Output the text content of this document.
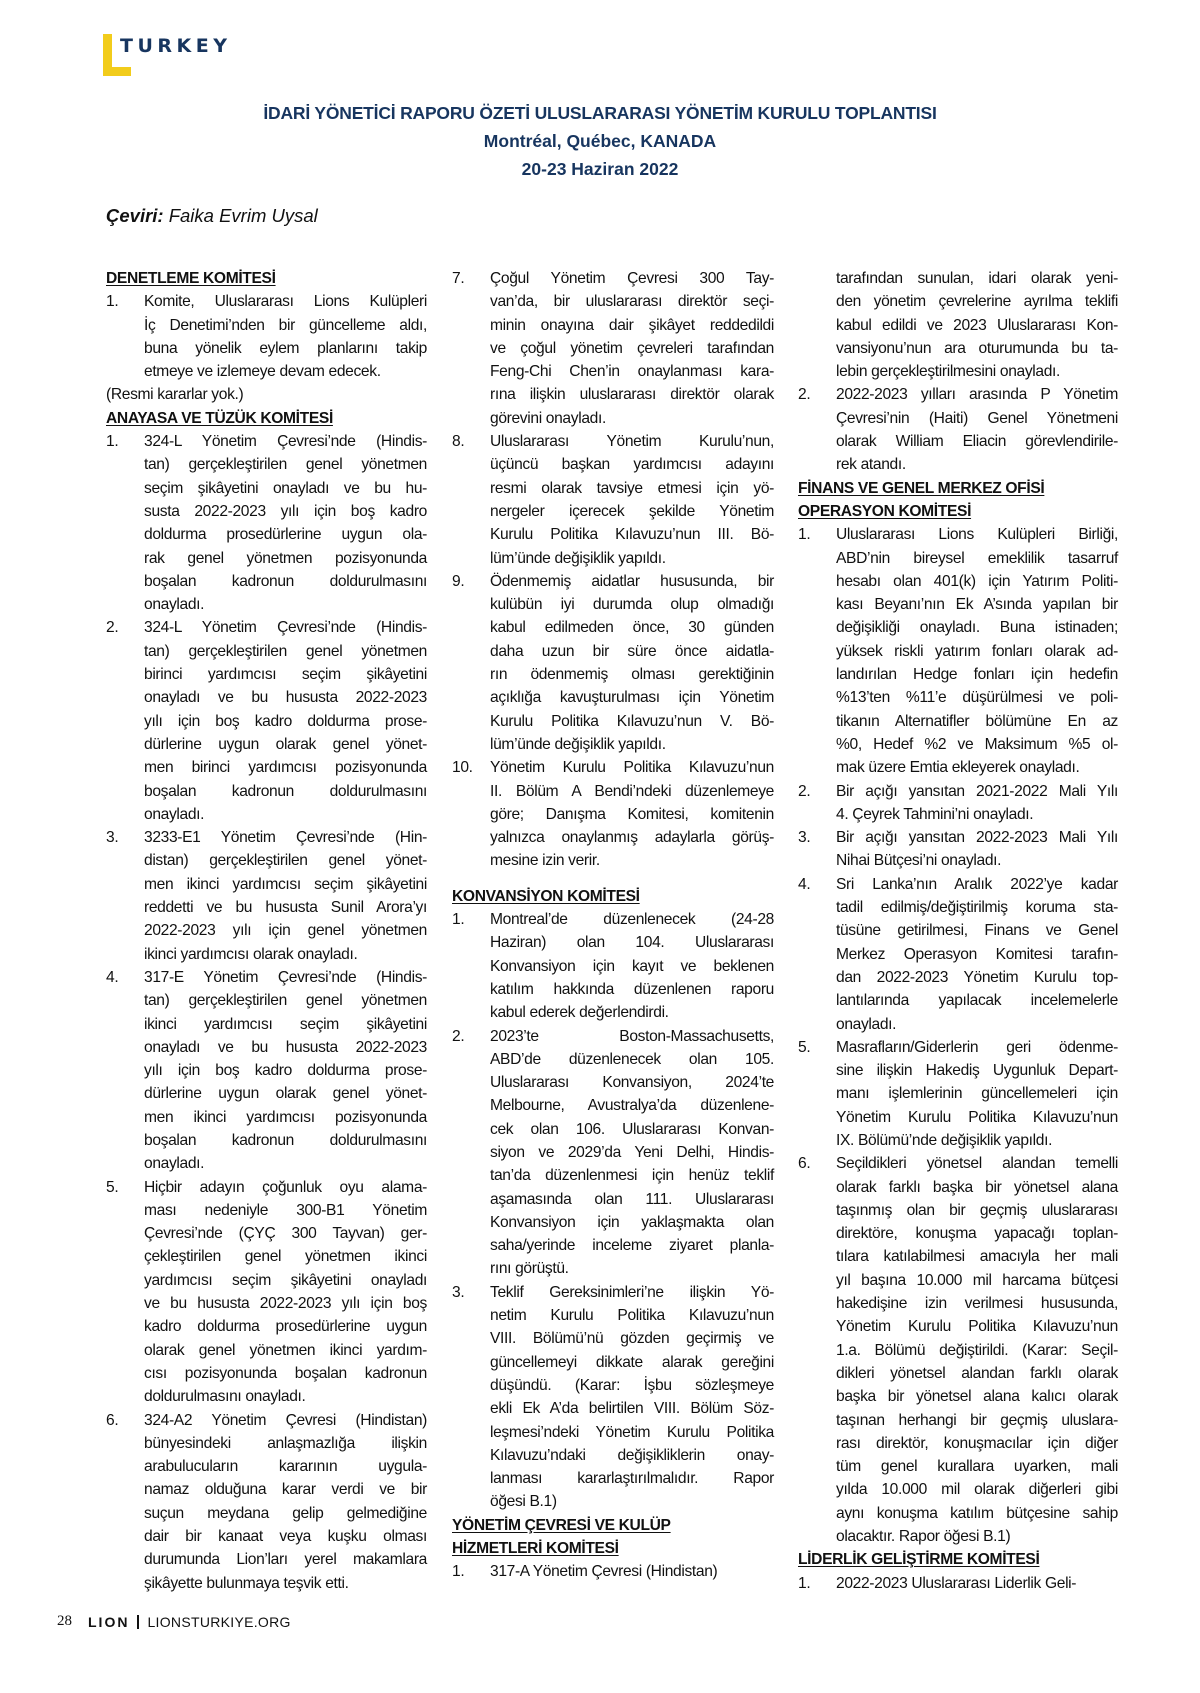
TURKEY
İDARİ YÖNETİCİ RAPORU ÖZETİ ULUSLARARASI YÖNETİM KURULU TOPLANTISI
Montréal, Québec, KANADA
20-23 Haziran 2022
Çeviri: Faika Evrim Uysal
DENETLEME KOMİTESİ
1.	Komite, Uluslararası Lions Kulüpleri
İç Denetimi’nden bir güncelleme aldı,
buna yönelik eylem planlarını takip
etmeye ve izlemeye devam edecek.
(Resmi kararlar yok.)
ANAYASA VE TÜZÜK KOMİTESİ
1.	324-L Yönetim Çevresi’nde (Hindis-
tan) gerçekleştirilen genel yönetmen
seçim şikâyetini onayladı ve bu hu-
susta 2022-2023 yılı için boş kadro
doldurma prosedürlerine uygun ola-
rak genel yönetmen pozisyonunda
boşalan kadronun doldurulmasını
onayladı.
2.	324-L Yönetim Çevresi’nde (Hindis-
tan) gerçekleştirilen genel yönetmen
birinci yardımcısı seçim şikâyetini
onayladı ve bu hususta 2022-2023
yılı için boş kadro doldurma prose-
dürlerine uygun olarak genel yönet-
men birinci yardımcısı pozisyonunda
boşalan kadronun doldurulmasını
onayladı.
3.	3233-E1 Yönetim Çevresi’nde (Hin-
distan) gerçekleştirilen genel yönet-
men ikinci yardımcısı seçim şikâyetini
reddetti ve bu hususta Sunil Arora’yı
2022-2023 yılı için genel yönetmen
ikinci yardımcısı olarak onayladı.
4.	317-E Yönetim Çevresi’nde (Hindis-
tan) gerçekleştirilen genel yönetmen
ikinci yardımcısı seçim şikâyetini
onayladı ve bu hususta 2022-2023
yılı için boş kadro doldurma prose-
dürlerine uygun olarak genel yönet-
men ikinci yardımcısı pozisyonunda
boşalan kadronun doldurulmasını
onayladı.
5.	Hiçbir adayın çoğunluk oyu alama-
ması nedeniyle 300-B1 Yönetim
Çevresi’nde (ÇYÇ 300 Tayvan) ger-
çekleştirilen genel yönetmen ikinci
yardımcısı seçim şikâyetini onayladı
ve bu hususta 2022-2023 yılı için boş
kadro doldurma prosedürlerine uygun
olarak genel yönetmen ikinci yardım-
cısı pozisyonunda boşalan kadronun
doldurulmasını onayladı.
6.	324-A2 Yönetim Çevresi (Hindistan)
bünyesindeki anlaşmazlığa ilişkin
arabulucuların kararının uygula-
namaz olduğuna karar verdi ve bir
suçun meydana gelip gelmediğine
dair bir kanaat veya kuşku olması
durumunda Lion’ları yerel makamlara
şikâyette bulunmaya teşvik etti.
7.	Çoğul Yönetim Çevresi 300 Tay-
van’da, bir uluslararası direktör seçi-
minin onayına dair şikâyet reddedildi
ve çoğul yönetim çevreleri tarafından
Feng-Chi Chen’in onaylanması kara-
rına ilişkin uluslararası direktör olarak
görevini onayladı.
8.	Uluslararası Yönetim Kurulu’nun,
üçüncü başkan yardımcısı adayını
resmi olarak tavsiye etmesi için yö-
nergeler içerecek şekilde Yönetim
Kurulu Politika Kılavuzu’nun III. Bö-
lüm’ünde değişiklik yapıldı.
9.	Ödenmemiş aidatlar hususunda, bir
kulübün iyi durumda olup olmadığı
kabul edilmeden önce, 30 günden
daha uzun bir süre önce aidatla-
rın ödenmemiş olması gerektiğinin
açıklığa kavuşturulması için Yönetim
Kurulu Politika Kılavuzu’nun V. Bö-
lüm’ünde değişiklik yapıldı.
10.	Yönetim Kurulu Politika Kılavuzu’nun
II. Bölüm A Bendi’ndeki düzenlemeye
göre; Danışma Komitesi, komitenin
yalnızca onaylanmış adaylarla görüş-
mesine izin verir.
KONVANSİYON KOMİTESİ
1.	Montreal’de düzenlenecek (24-28
Haziran) olan 104. Uluslararası
Konvansiyon için kayıt ve beklenen
katılım hakkında düzenlenen raporu
kabul ederek değerlendirdi.
2.	2023’te Boston-Massachusetts,
ABD’de düzenlenecek olan 105.
Uluslararası Konvansiyon, 2024’te
Melbourne, Avustralya’da düzenlene-
cek olan 106. Uluslararası Konvan-
siyon ve 2029’da Yeni Delhi, Hindis-
tan’da düzenlenmesi için henüz teklif
aşamasında olan 111. Uluslararası
Konvansiyon için yaklaşmakta olan
saha/yerinde inceleme ziyaret planla-
rını görüştü.
3.	Teklif Gereksinimleri’ne ilişkin Yö-
netim Kurulu Politika Kılavuzu’nun
VIII. Bölümü’nü gözden geçirmiş ve
güncellemeyi dikkate alarak gereğini
düşündü. (Karar: İşbu sözleşmeye
ekli Ek A’da belirtilen VIII. Bölüm Söz-
leşmesi’ndeki Yönetim Kurulu Politika
Kılavuzu’ndaki değişikliklerin onay-
lanması kararlaştırılmalıdır. Rapor
öğesi B.1)
YÖNETİM ÇEVRESİ VE KULÜP
HİZMETLERİ KOMİTESİ
1.	317-A Yönetim Çevresi (Hindistan)
tarafından sunulan, idari olarak yeni-
den yönetim çevrelerine ayrılma teklifi
kabul edildi ve 2023 Uluslararası Kon-
vansiyonu’nun ara oturumunda bu ta-
lebin gerçekleştirilmesini onayladı.
2.	2022-2023 yılları arasında P Yönetim
Çevresi’nin (Haiti) Genel Yönetmeni
olarak William Eliacin görevlendirile-
rek atandı.
FİNANS VE GENEL MERKEZ OFİSİ
OPERASYON KOMİTESİ
1.	Uluslararası Lions Kulüpleri Birliği,
ABD’nin bireysel emeklilik tasarruf
hesabı olan 401(k) için Yatırım Politi-
kası Beyanı’nın Ek A’sında yapılan bir
değişikliği onayladı. Buna istinaden;
yüksek riskli yatırım fonları olarak ad-
landırılan Hedge fonları için hedefin
%13’ten %11’e düşürülmesi ve poli-
tikanın Alternatifler bölümüne En az
%0, Hedef %2 ve Maksimum %5 ol-
mak üzere Emtia ekleyerek onayladı.
2.	Bir açığı yansıtan 2021-2022 Mali Yılı
4. Çeyrek Tahmini’ni onayladı.
3.	Bir açığı yansıtan 2022-2023 Mali Yılı
Nihai Bütçesi’ni onayladı.
4.	Sri Lanka’nın Aralık 2022’ye kadar
tadil edilmiş/değiştirilmiş koruma sta-
tüsüne getirilmesi, Finans ve Genel
Merkez Operasyon Komitesi tarafın-
dan 2022-2023 Yönetim Kurulu top-
lantılarında yapılacak incelemelerle
onayladı.
5.	Masrafların/Giderlerin geri ödenme-
sine ilişkin Hakediş Uygunluk Depart-
manı işlemlerinin güncellemeleri için
Yönetim Kurulu Politika Kılavuzu’nun
IX. Bölümü’nde değişiklik yapıldı.
6.	Seçildikleri yönetsel alandan temelli
olarak farklı başka bir yönetsel alana
taşınmış olan bir geçmiş uluslararası
direktöre, konuşma yapacağı toplan-
tılara katılabilmesi amacıyla her mali
yıl başına 10.000 mil harcama bütçesi
hakedişine izin verilmesi hususunda,
Yönetim Kurulu Politika Kılavuzu’nun
1.a. Bölümü değiştirildi. (Karar: Seçil-
dikleri yönetsel alandan farklı olarak
başka bir yönetsel alana kalıcı olarak
taşınan herhangi bir geçmiş uluslara-
rası direktör, konuşmacılar için diğer
tüm genel kurallara uyarken, mali
yılda 10.000 mil olarak diğerleri gibi
aynı konuşma katılım bütçesine sahip
olacaktır. Rapor öğesi B.1)
LİDERLİK GELİŞTİRME KOMİTESİ
1.	2022-2023 Uluslararası Liderlik Geli-
28 LION LIONSTURKIYE.ORG
